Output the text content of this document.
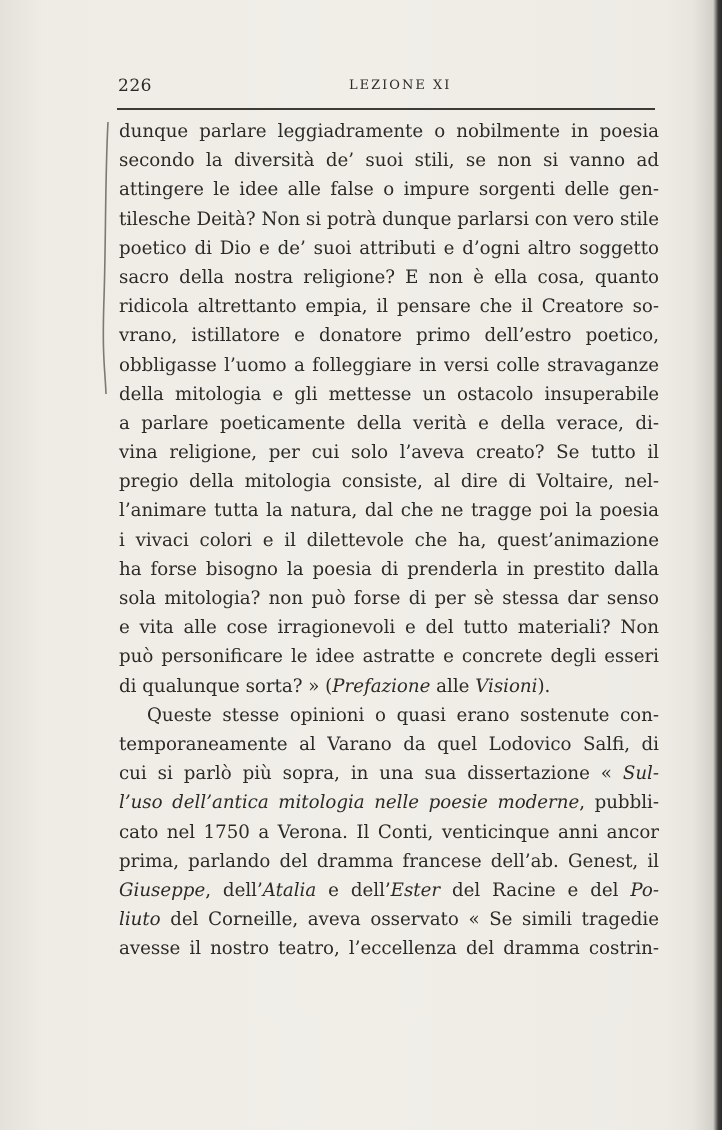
226	LEZIONE XI
dunque parlare leggiadramente o nobilmente in poesia
secondo la diversità de’ suoi stili, se non si vanno ad
attingere le idee alle false o impure sorgenti delle gen-
tilesche Deità? Non si potrà dunque parlarsi con vero stile
poetico di Dio e de’ suoi attributi e d’ogni altro soggetto
sacro della nostra religione? E non è ella cosa, quanto
ridicola altrettanto empia, il pensare che il Creatore so-
vrano, istillatore e donatore primo dell’estro poetico,
obbligasse l’uomo a folleggiare in versi colle stravaganze
della mitologia e gli mettesse un ostacolo insuperabile
a parlare poeticamente della verità e della verace, di-
vina religione, per cui solo l’aveva creato? Se tutto il
pregio della mitologia consiste, al dire di Voltaire, nel-
l’animare tutta la natura, dal che ne tragge poi la poesia
i vivaci colori e il dilettevole che ha, quest’animazione
ha forse bisogno la poesia di prenderla in prestito dalla
sola mitologia? non può forse di per sè stessa dar senso
e vita alle cose irragionevoli e del tutto materiali? Non
può personificare le idee astratte e concrete degli esseri
di qualunque sorta? » (Prefazione alle Visioni).
Queste stesse opinioni o quasi erano sostenute con-
temporaneamente al Varano da quel Lodovico Salfi, di
cui si parlò più sopra, in una sua dissertazione « Sul-
l’uso dell’antica mitologia nelle poesie moderne, pubbli-
cato nel 1750 a Verona. Il Conti, venticinque anni ancor
prima, parlando del dramma francese dell’ab. Genest, il
Giuseppe, dell’Atalia e dell’Ester del Racine e del Po-
liuto del Corneille, aveva osservato « Se simili tragedie
avesse il nostro teatro, l’eccellenza del dramma costrin-
